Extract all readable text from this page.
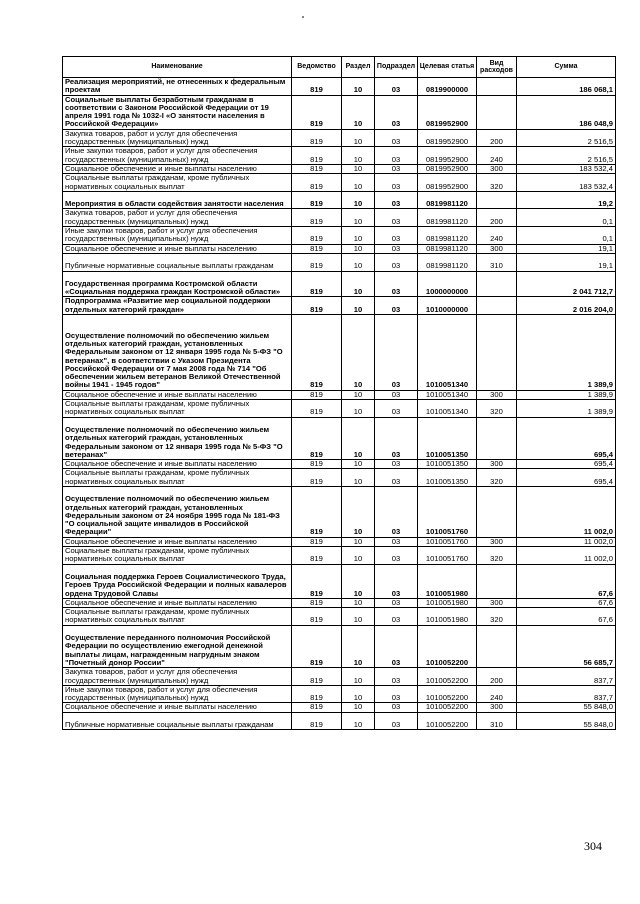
Наименование	Ведомство	Раздел	Подраздел	Целевая статья	Вид расходов	Сумма
Реализация мероприятий, не отнесенных к федеральным проектам	819	10	03	0819900000		186 068,1
Социальные выплаты безработным гражданам в соответствии с Законом Российской Федерации от 19 апреля 1991 года № 1032-I «О занятости населения в Российской Федерации»	819	10	03	0819952900		186 048,9
Закупка товаров, работ и услуг для обеспечения государственных (муниципальных) нужд	819	10	03	0819952900	200	2 516,5
Иные закупки товаров, работ и услуг для обеспечения государственных (муниципальных) нужд	819	10	03	0819952900	240	2 516,5
Социальное обеспечение и иные выплаты населению	819	10	03	0819952900	300	183 532,4
Социальные выплаты гражданам, кроме публичных нормативных социальных выплат	819	10	03	0819952900	320	183 532,4
Мероприятия в области содействия занятости населения	819	10	03	0819981120		19,2
Закупка товаров, работ и услуг для обеспечения государственных (муниципальных) нужд	819	10	03	0819981120	200	0,1
Иные закупки товаров, работ и услуг для обеспечения государственных (муниципальных) нужд	819	10	03	0819981120	240	0,1
Социальное обеспечение и иные выплаты населению	819	10	03	0819981120	300	19,1
Публичные нормативные социальные выплаты гражданам	819	10	03	0819981120	310	19,1
Государственная программа Костромской области «Социальная поддержка граждан Костромской области»	819	10	03	1000000000		2 041 712,7
Подпрограмма «Развитие мер социальной поддержки отдельных категорий граждан»	819	10	03	1010000000		2 016 204,0
Осуществление полномочий по обеспечению жильем отдельных категорий граждан, установленных Федеральным законом от 12 января 1995 года № 5-ФЗ "О ветеранах", в соответствии с Указом Президента Российской Федерации от 7 мая 2008 года № 714 "Об обеспечении жильем ветеранов Великой Отечественной войны 1941 - 1945 годов"	819	10	03	1010051340		1 389,9
Социальное обеспечение и иные выплаты населению	819	10	03	1010051340	300	1 389,9
Социальные выплаты гражданам, кроме публичных нормативных социальных выплат	819	10	03	1010051340	320	1 389,9
Осуществление полномочий по обеспечению жильем отдельных категорий граждан, установленных Федеральным законом от 12 января 1995 года № 5-ФЗ "О ветеранах"	819	10	03	1010051350		695,4
Социальное обеспечение и иные выплаты населению	819	10	03	1010051350	300	695,4
Социальные выплаты гражданам, кроме публичных нормативных социальных выплат	819	10	03	1010051350	320	695,4
Осуществление полномочий по обеспечению жильем отдельных категорий граждан, установленных Федеральным законом от 24 ноября 1995 года № 181-ФЗ "О социальной защите инвалидов в Российской Федерации"	819	10	03	1010051760		11 002,0
Социальное обеспечение и иные выплаты населению	819	10	03	1010051760	300	11 002,0
Социальные выплаты гражданам, кроме публичных нормативных социальных выплат	819	10	03	1010051760	320	11 002,0
Социальная поддержка Героев Социалистического Труда, Героев Труда Российской Федерации и полных кавалеров ордена Трудовой Славы	819	10	03	1010051980		67,6
Социальное обеспечение и иные выплаты населению	819	10	03	1010051980	300	67,6
Социальные выплаты гражданам, кроме публичных нормативных социальных выплат	819	10	03	1010051980	320	67,6
Осуществление переданного полномочия Российской Федерации по осуществлению ежегодной денежной выплаты лицам, награжденным нагрудным знаком "Почетный донор России"	819	10	03	1010052200		56 685,7
Закупка товаров, работ и услуг для обеспечения государственных (муниципальных) нужд	819	10	03	1010052200	200	837,7
Иные закупки товаров, работ и услуг для обеспечения государственных (муниципальных) нужд	819	10	03	1010052200	240	837,7
Социальное обеспечение и иные выплаты населению	819	10	03	1010052200	300	55 848,0
Публичные нормативные социальные выплаты гражданам	819	10	03	1010052200	310	55 848,0
304
